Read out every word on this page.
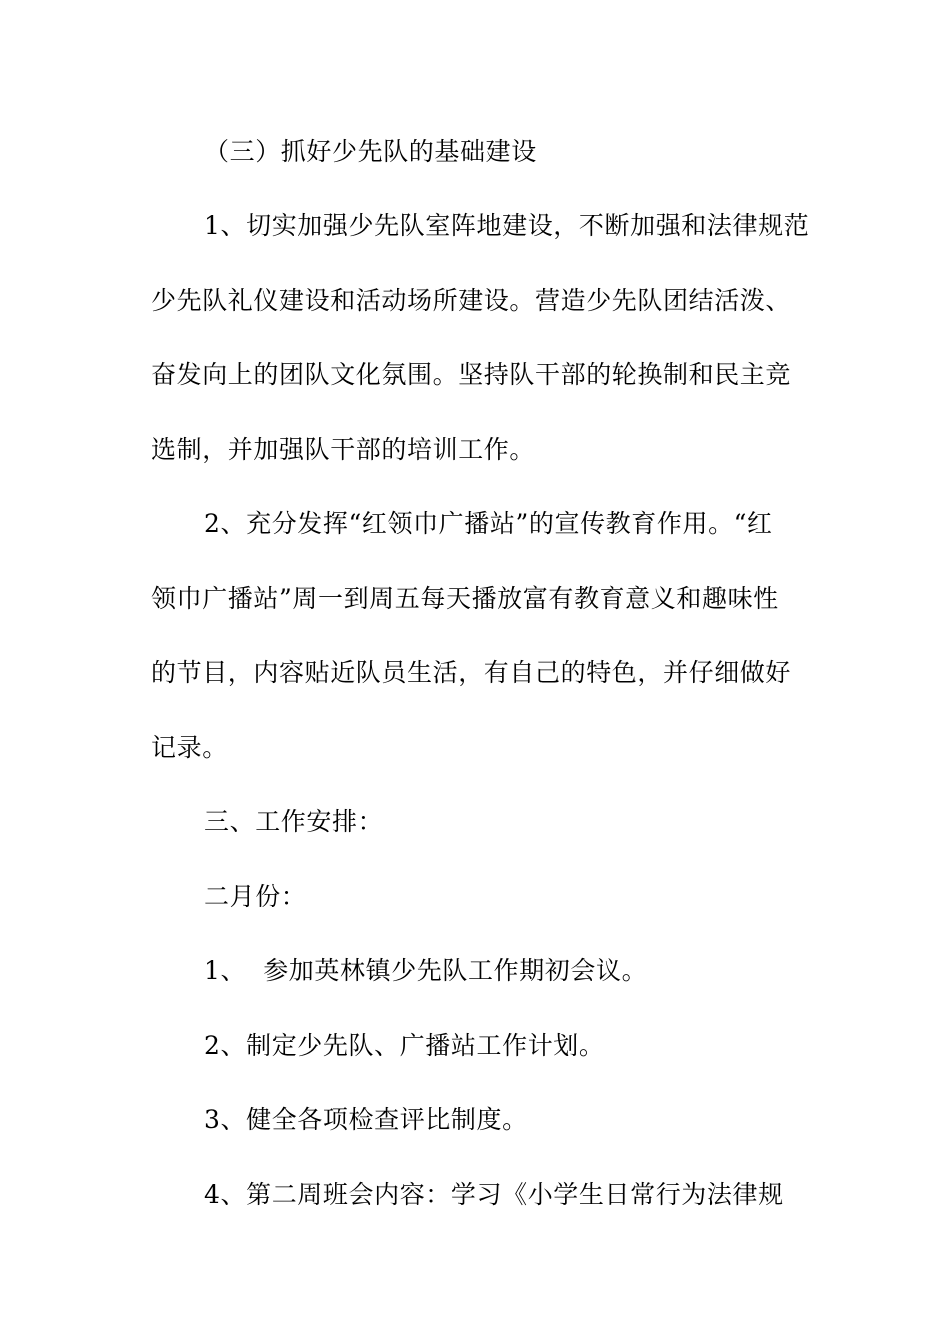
（三）抓好少先队的基础建设
1、切实加强少先队室阵地建设，不断加强和法律规范
少先队礼仪建设和活动场所建设。营造少先队团结活泼、
奋发向上的团队文化氛围。坚持队干部的轮换制和民主竞
选制，并加强队干部的培训工作。
2、充分发挥“红领巾广播站”的宣传教育作用。“红
领巾广播站”周一到周五每天播放富有教育意义和趣味性
的节目，内容贴近队员生活，有自己的特色，并仔细做好
记录。
三、工作安排：
二月份：
1、  参加英林镇少先队工作期初会议。
2、制定少先队、广播站工作计划。
3、健全各项检查评比制度。
4、第二周班会内容：学习《小学生日常行为法律规
